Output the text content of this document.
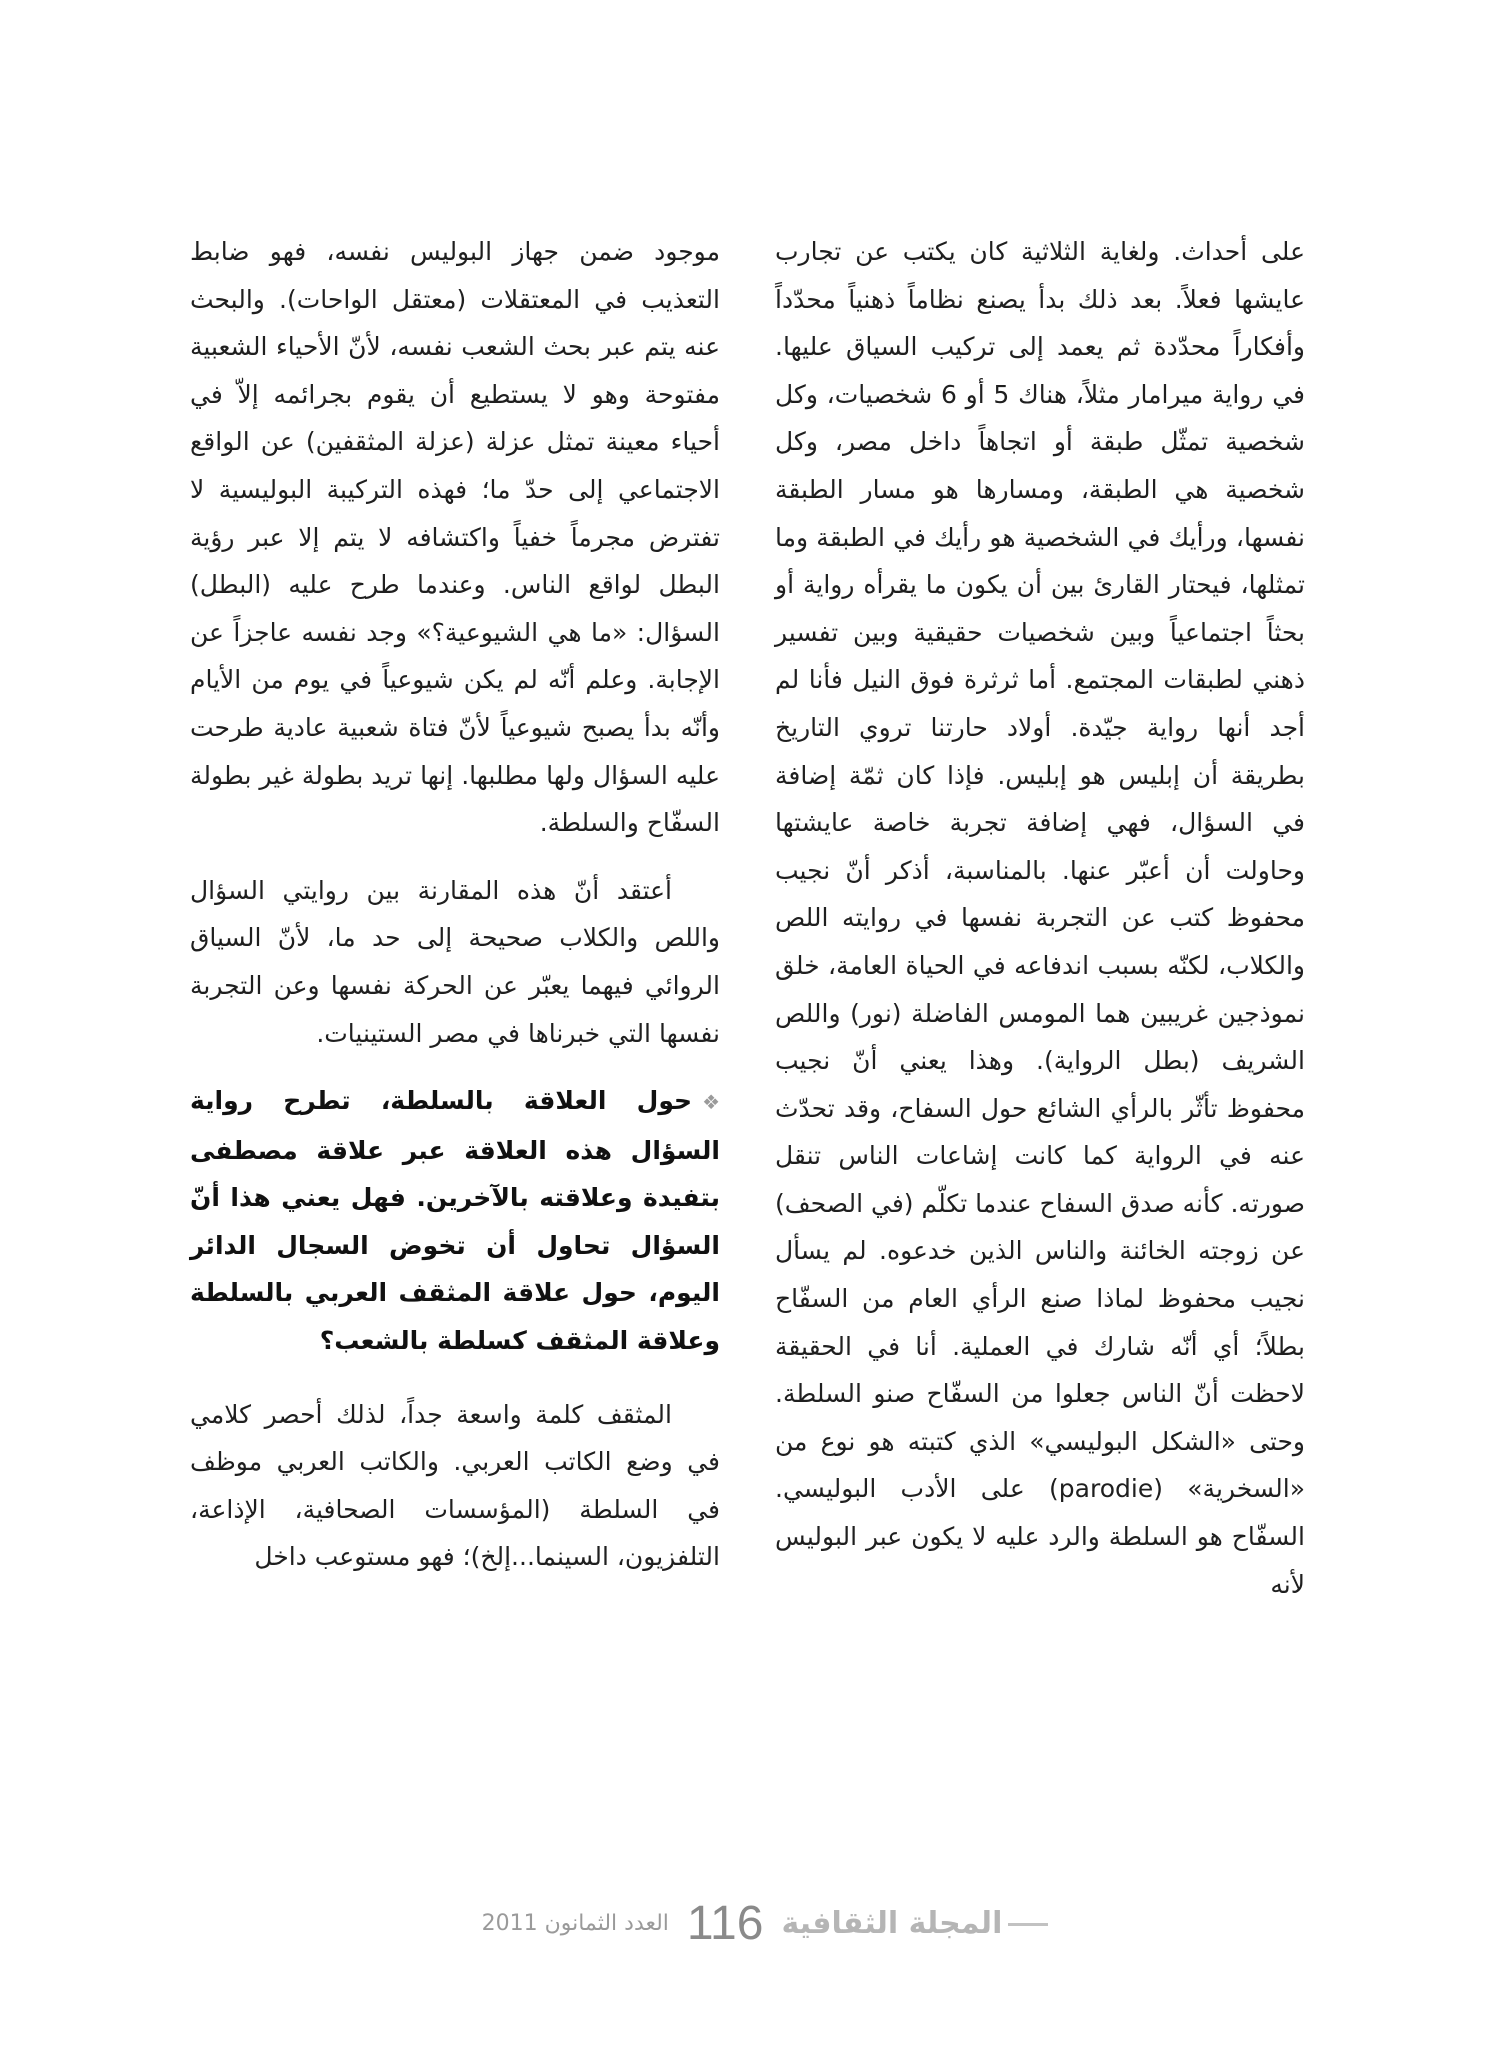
على أحداث. ولغاية الثلاثية كان يكتب عن تجارب عايشها فعلاً. بعد ذلك بدأ يصنع نظاماً ذهنياً محدّداً وأفكاراً محدّدة ثم يعمد إلى تركيب السياق عليها. في رواية ميرامار مثلاً، هناك 5 أو 6 شخصيات، وكل شخصية تمثّل طبقة أو اتجاهاً داخل مصر، وكل شخصية هي الطبقة، ومسارها هو مسار الطبقة نفسها، ورأيك في الشخصية هو رأيك في الطبقة وما تمثلها، فيحتار القارئ بين أن يكون ما يقرأه رواية أو بحثاً اجتماعياً وبين شخصيات حقيقية وبين تفسير ذهني لطبقات المجتمع. أما ثرثرة فوق النيل فأنا لم أجد أنها رواية جيّدة. أولاد حارتنا تروي التاريخ بطريقة أن إبليس هو إبليس. فإذا كان ثمّة إضافة في السؤال، فهي إضافة تجربة خاصة عايشتها وحاولت أن أعبّر عنها. بالمناسبة، أذكر أنّ نجيب محفوظ كتب عن التجربة نفسها في روايته اللص والكلاب، لكنّه بسبب اندفاعه في الحياة العامة، خلق نموذجين غريبين هما المومس الفاضلة (نور) واللص الشريف (بطل الرواية). وهذا يعني أنّ نجيب محفوظ تأثّر بالرأي الشائع حول السفاح، وقد تحدّث عنه في الرواية كما كانت إشاعات الناس تنقل صورته. كأنه صدق السفاح عندما تكلّم (في الصحف) عن زوجته الخائنة والناس الذين خدعوه. لم يسأل نجيب محفوظ لماذا صنع الرأي العام من السفّاح بطلاً؛ أي أنّه شارك في العملية. أنا في الحقيقة لاحظت أنّ الناس جعلوا من السفّاح صنو السلطة. وحتى «الشكل البوليسي» الذي كتبته هو نوع من «السخرية» (parodie) على الأدب البوليسي. السفّاح هو السلطة والرد عليه لا يكون عبر البوليس لأنه

موجود ضمن جهاز البوليس نفسه، فهو ضابط التعذيب في المعتقلات (معتقل الواحات). والبحث عنه يتم عبر بحث الشعب نفسه، لأنّ الأحياء الشعبية مفتوحة وهو لا يستطيع أن يقوم بجرائمه إلاّ في أحياء معينة تمثل عزلة (عزلة المثقفين) عن الواقع الاجتماعي إلى حدّ ما؛ فهذه التركيبة البوليسية لا تفترض مجرماً خفياً واكتشافه لا يتم إلا عبر رؤية البطل لواقع الناس. وعندما طرح عليه (البطل) السؤال: «ما هي الشيوعية؟» وجد نفسه عاجزاً عن الإجابة. وعلم أنّه لم يكن شيوعياً في يوم من الأيام وأنّه بدأ يصبح شيوعياً لأنّ فتاة شعبية عادية طرحت عليه السؤال ولها مطلبها. إنها تريد بطولة غير بطولة السفّاح والسلطة.

أعتقد أنّ هذه المقارنة بين روايتي السؤال واللص والكلاب صحيحة إلى حد ما، لأنّ السياق الروائي فيهما يعبّر عن الحركة نفسها وعن التجربة نفسها التي خبرناها في مصر الستينيات.

❖حول العلاقة بالسلطة، تطرح رواية السؤال هذه العلاقة عبر علاقة مصطفى بتفيدة وعلاقته بالآخرين. فهل يعني هذا أنّ السؤال تحاول أن تخوض السجال الدائر اليوم، حول علاقة المثقف العربي بالسلطة وعلاقة المثقف كسلطة بالشعب؟

المثقف كلمة واسعة جداً، لذلك أحصر كلامي في وضع الكاتب العربي. والكاتب العربي موظف في السلطة (المؤسسات الصحافية، الإذاعة، التلفزيون، السينما...إلخ)؛ فهو مستوعب داخل

المجلة الثقافية
116
العدد الثمانون 2011
